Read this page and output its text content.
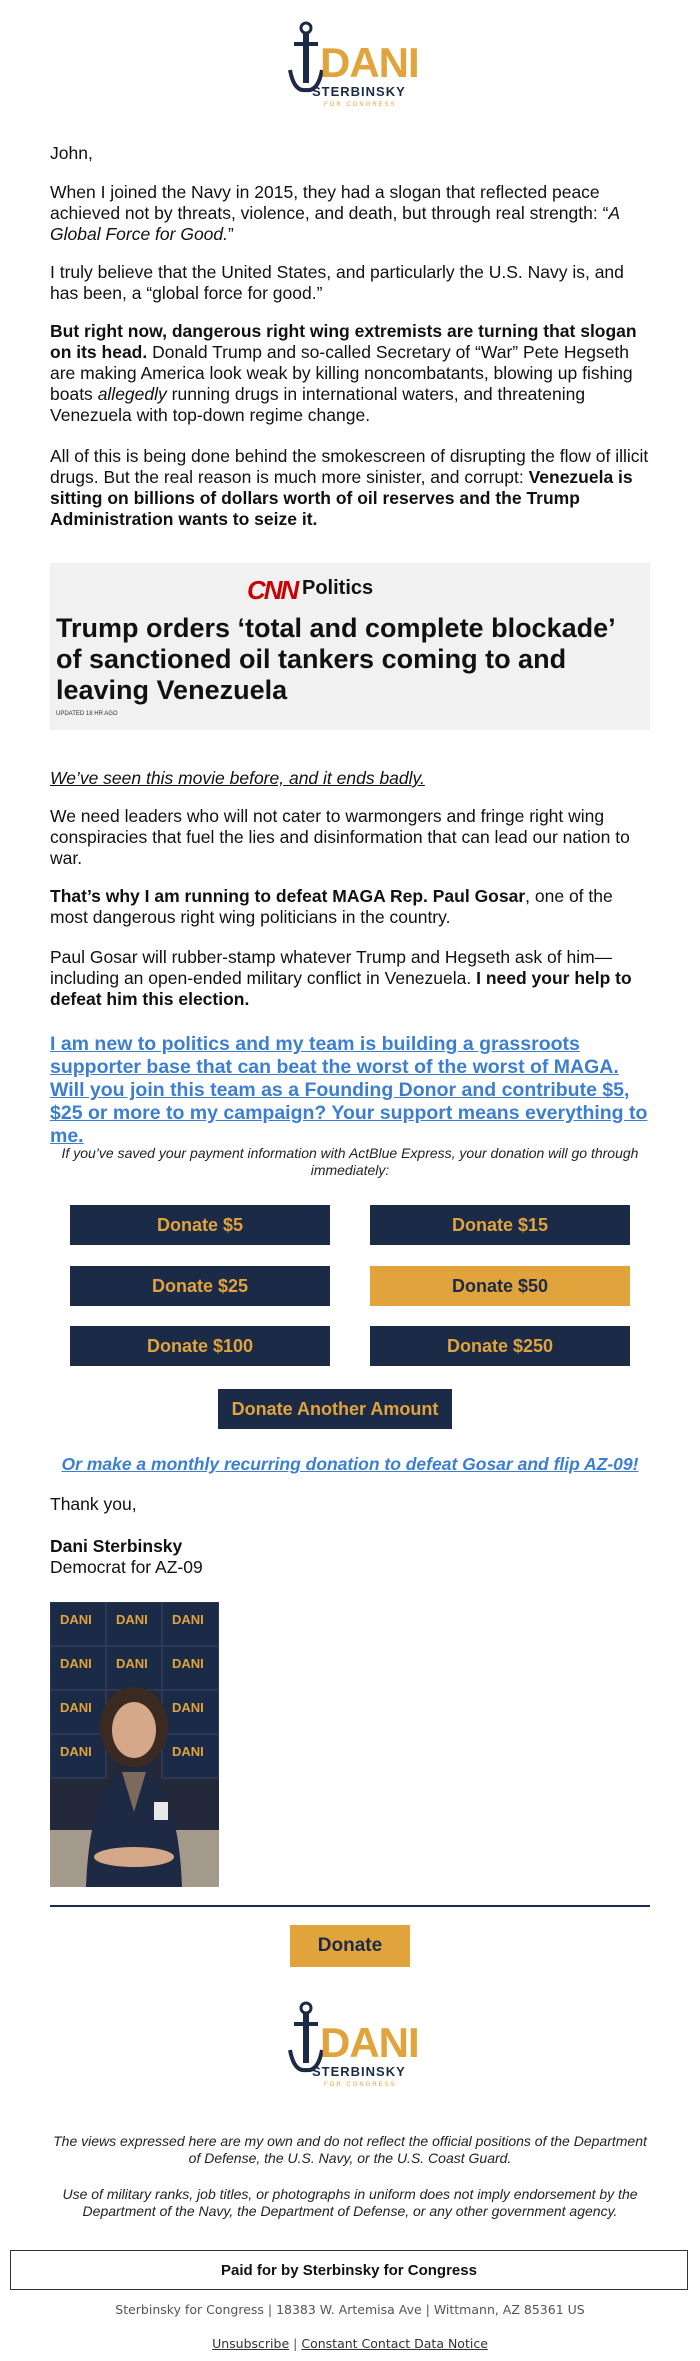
DANI
STERBINSKY
FOR CONGRESS
John,
When I joined the Navy in 2015, they had a slogan that reflected peace achieved not by threats, violence, and death, but through real strength: “A Global Force for Good.”
I truly believe that the United States, and particularly the U.S. Navy is, and has been, a “global force for good.”
But right now, dangerous right wing extremists are turning that slogan on its head. Donald Trump and so-called Secretary of “War” Pete Hegseth are making America look weak by killing noncombatants, blowing up fishing boats allegedly running drugs in international waters, and threatening Venezuela with top-down regime change.
All of this is being done behind the smokescreen of disrupting the flow of illicit drugs. But the real reason is much more sinister, and corrupt: Venezuela is sitting on billions of dollars worth of oil reserves and the Trump Administration wants to seize it.
CNN Politics
Trump orders ‘total and complete blockade’ of sanctioned oil tankers coming to and leaving Venezuela
UPDATED 18 HR AGO
We’ve seen this movie before, and it ends badly.
We need leaders who will not cater to warmongers and fringe right wing conspiracies that fuel the lies and disinformation that can lead our nation to war.
That’s why I am running to defeat MAGA Rep. Paul Gosar, one of the most dangerous right wing politicians in the country.
Paul Gosar will rubber-stamp whatever Trump and Hegseth ask of him—including an open-ended military conflict in Venezuela. I need your help to defeat him this election.
I am new to politics and my team is building a grassroots supporter base that can beat the worst of the worst of MAGA. Will you join this team as a Founding Donor and contribute $5, $25 or more to my campaign? Your support means everything to me.
If you’ve saved your payment information with ActBlue Express, your donation will go through immediately:
Donate $5	Donate $15
Donate $25	Donate $50
Donate $100	Donate $250
Donate Another Amount
Or make a monthly recurring donation to defeat Gosar and flip AZ-09!
Thank you,
Dani Sterbinsky
Democrat for AZ-09
DANI DANI DANI
DANI DANI DANI
DANI	DANI
DANI	DANI
Donate
DANI
STERBINSKY
FOR CONGRESS
The views expressed here are my own and do not reflect the official positions of the Department of Defense, the U.S. Navy, or the U.S. Coast Guard.
Use of military ranks, job titles, or photographs in uniform does not imply endorsement by the Department of the Navy, the Department of Defense, or any other government agency.
Paid for by Sterbinsky for Congress
Sterbinsky for Congress | 18383 W. Artemisa Ave | Wittmann, AZ 85361 US
Unsubscribe | Constant Contact Data Notice
